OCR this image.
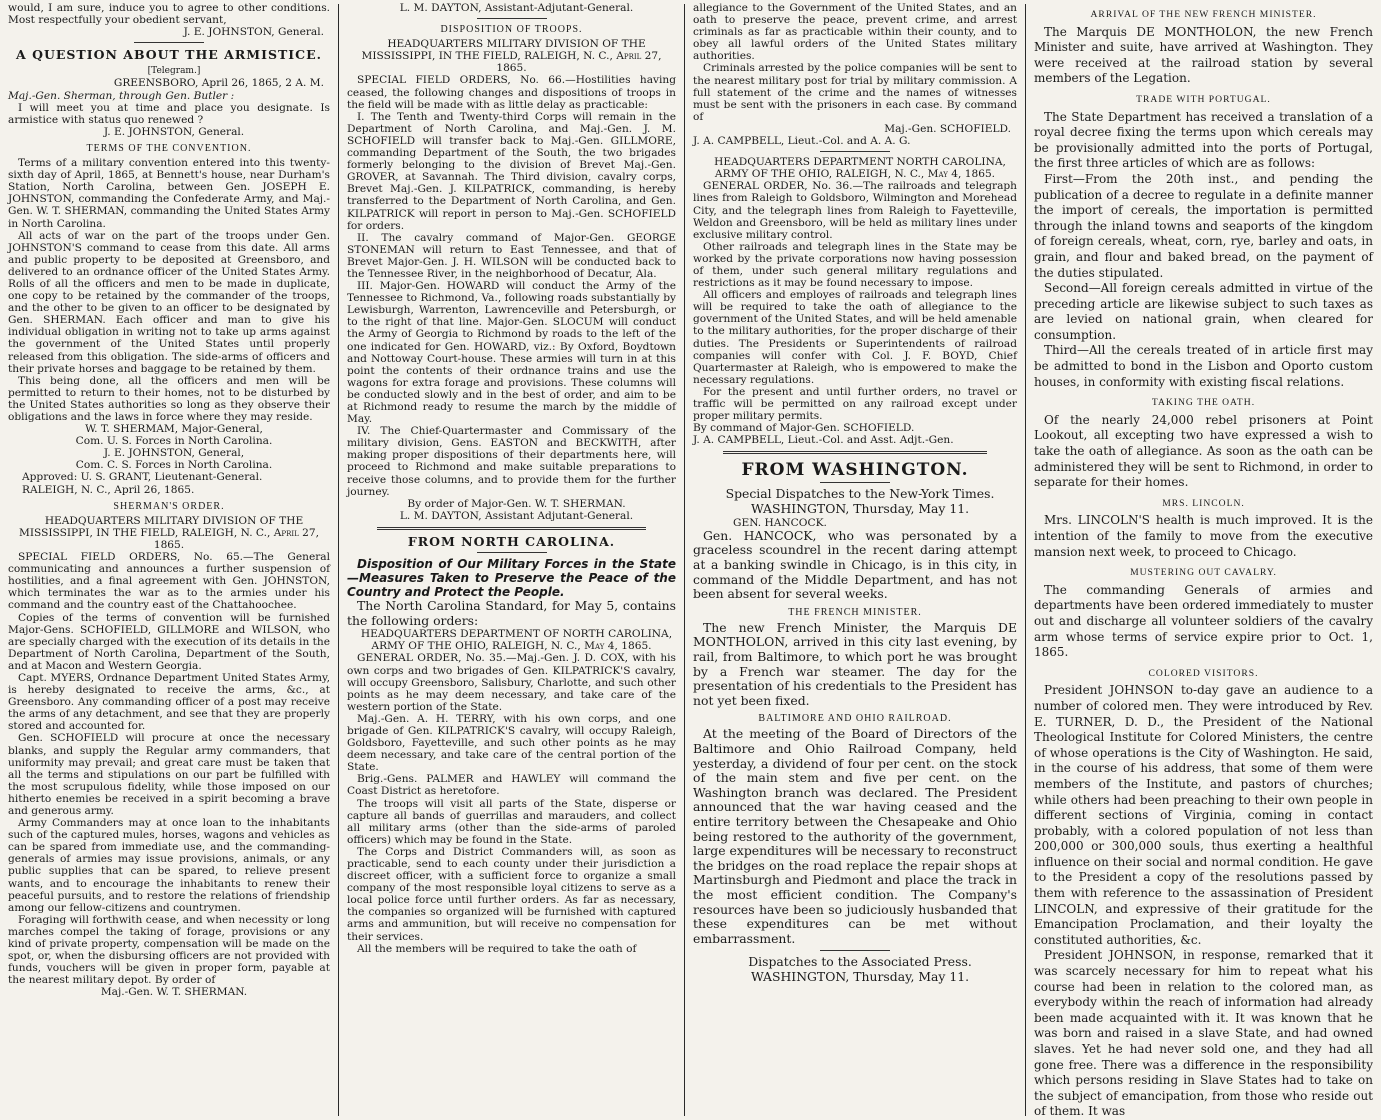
would, I am sure, induce you to agree to other conditions. Most respectfully your obedient servant,

J. E. JOHNSTON, General.

A QUESTION ABOUT THE ARMISTICE.

[Telegram.]

GREENSBORO, April 26, 1865, 2 A. M.

Maj.-Gen. Sherman, through Gen. Butler :

I will meet you at time and place you designate. Is armistice with status quo renewed ?

J. E. JOHNSTON, General.

TERMS OF THE CONVENTION.

Terms of a military convention entered into this twenty-sixth day of April, 1865, at Bennett's house, near Durham's Station, North Carolina, between Gen. JOSEPH E. JOHNSTON, commanding the Confederate Army, and Maj.-Gen. W. T. SHERMAN, commanding the United States Army in North Carolina.

All acts of war on the part of the troops under Gen. JOHNSTON'S command to cease from this date. All arms and public property to be deposited at Greensboro, and delivered to an ordnance officer of the United States Army. Rolls of all the officers and men to be made in duplicate, one copy to be retained by the commander of the troops, and the other to be given to an officer to be designated by Gen. SHERMAN. Each officer and man to give his individual obligation in writing not to take up arms against the government of the United States until properly released from this obligation. The side-arms of officers and their private horses and baggage to be retained by them.

This being done, all the officers and men will be permitted to return to their homes, not to be disturbed by the United States authorities so long as they observe their obligations and the laws in force where they may reside.

W. T. SHERMAM, Major-General,

Com. U. S. Forces in North Carolina.

J. E. JOHNSTON, General,

Com. C. S. Forces in North Carolina.

Approved: U. S. GRANT, Lieutenant-General.

RALEIGH, N. C., April 26, 1865.

SHERMAN'S ORDER.

HEADQUARTERS MILITARY DIVISION OF THE MISSISSIPPI, IN THE FIELD, RALEIGH, N. C., April 27, 1865.

SPECIAL FIELD ORDERS, No. 65.—The General communicating and announces a further suspension of hostilities, and a final agreement with Gen. JOHNSTON, which terminates the war as to the armies under his command and the country east of the Chattahoochee.

Copies of the terms of convention will be furnished Major-Gens. SCHOFIELD, GILLMORE and WILSON, who are specially charged with the execution of its details in the Department of North Carolina, Department of the South, and at Macon and Western Georgia.

Capt. MYERS, Ordnance Department United States Army, is hereby designated to receive the arms, &c., at Greensboro. Any commanding officer of a post may receive the arms of any detachment, and see that they are properly stored and accounted for.

Gen. SCHOFIELD will procure at once the necessary blanks, and supply the Regular army commanders, that uniformity may prevail; and great care must be taken that all the terms and stipulations on our part be fulfilled with the most scrupulous fidelity, while those imposed on our hitherto enemies be received in a spirit becoming a brave and generous army.

Army Commanders may at once loan to the inhabitants such of the captured mules, horses, wagons and vehicles as can be spared from immediate use, and the commanding-generals of armies may issue provisions, animals, or any public supplies that can be spared, to relieve present wants, and to encourage the inhabitants to renew their peaceful pursuits, and to restore the relations of friendship among our fellow-citizens and countrymen.

Foraging will forthwith cease, and when necessity or long marches compel the taking of forage, provisions or any kind of private property, compensation will be made on the spot, or, when the disbursing officers are not provided with funds, vouchers will be given in proper form, payable at the nearest military depot. By order of

Maj.-Gen. W. T. SHERMAN.

L. M. DAYTON, Assistant-Adjutant-General.

DISPOSITION OF TROOPS.

HEADQUARTERS MILITARY DIVISION OF THE MISSISSIPPI, IN THE FIELD, RALEIGH, N. C., April 27, 1865.

SPECIAL FIELD ORDERS, No. 66.—Hostilities having ceased, the following changes and dispositions of troops in the field will be made with as little delay as practicable:

I. The Tenth and Twenty-third Corps will remain in the Department of North Carolina, and Maj.-Gen. J. M. SCHOFIELD will transfer back to Maj.-Gen. GILLMORE, commanding Department of the South, the two brigades formerly belonging to the division of Brevet Maj.-Gen. GROVER, at Savannah. The Third division, cavalry corps, Brevet Maj.-Gen. J. KILPATRICK, commanding, is hereby transferred to the Department of North Carolina, and Gen. KILPATRICK will report in person to Maj.-Gen. SCHOFIELD for orders.

II. The cavalry command of Major-Gen. GEORGE STONEMAN will return to East Tennessee, and that of Brevet Major-Gen. J. H. WILSON will be conducted back to the Tennessee River, in the neighborhood of Decatur, Ala.

III. Major-Gen. HOWARD will conduct the Army of the Tennessee to Richmond, Va., following roads substantially by Lewisburgh, Warrenton, Lawrenceville and Petersburgh, or to the right of that line. Major-Gen. SLOCUM will conduct the Army of Georgia to Richmond by roads to the left of the one indicated for Gen. HOWARD, viz.: By Oxford, Boydtown and Nottoway Court-house. These armies will turn in at this point the contents of their ordnance trains and use the wagons for extra forage and provisions. These columns will be conducted slowly and in the best of order, and aim to be at Richmond ready to resume the march by the middle of May.

IV. The Chief-Quartermaster and Commissary of the military division, Gens. EASTON and BECKWITH, after making proper dispositions of their departments here, will proceed to Richmond and make suitable preparations to receive those columns, and to provide them for the further journey.

By order of Major-Gen. W. T. SHERMAN.

L. M. DAYTON, Assistant Adjutant-General.

FROM NORTH CAROLINA.

Disposition of Our Military Forces in the State—Measures Taken to Preserve the Peace of the Country and Protect the People.

The North Carolina Standard, for May 5, contains the following orders:

HEADQUARTERS DEPARTMENT OF NORTH CAROLINA, ARMY OF THE OHIO, RALEIGH, N. C., May 4, 1865.

GENERAL ORDER, No. 35.—Maj.-Gen. J. D. COX, with his own corps and two brigades of Gen. KILPATRICK'S cavalry, will occupy Greensboro, Salisbury, Charlotte, and such other points as he may deem necessary, and take care of the western portion of the State.

Maj.-Gen. A. H. TERRY, with his own corps, and one brigade of Gen. KILPATRICK'S cavalry, will occupy Raleigh, Goldsboro, Fayetteville, and such other points as he may deem necessary, and take care of the central portion of the State.

Brig.-Gens. PALMER and HAWLEY will command the Coast District as heretofore.

The troops will visit all parts of the State, disperse or capture all bands of guerrillas and marauders, and collect all military arms (other than the side-arms of paroled officers) which may be found in the State.

The Corps and District Commanders will, as soon as practicable, send to each county under their jurisdiction a discreet officer, with a sufficient force to organize a small company of the most responsible loyal citizens to serve as a local police force until further orders. As far as necessary, the companies so organized will be furnished with captured arms and ammunition, but will receive no compensation for their services.

All the members will be required to take the oath of

allegiance to the Government of the United States, and an oath to preserve the peace, prevent crime, and arrest criminals as far as practicable within their county, and to obey all lawful orders of the United States military authorities.

Criminals arrested by the police companies will be sent to the nearest military post for trial by military commission. A full statement of the crime and the names of witnesses must be sent with the prisoners in each case. By command of

Maj.-Gen. SCHOFIELD.

J. A. CAMPBELL, Lieut.-Col. and A. A. G.

HEADQUARTERS DEPARTMENT NORTH CAROLINA, ARMY OF THE OHIO, RALEIGH, N. C., May 4, 1865.

GENERAL ORDER, No. 36.—The railroads and telegraph lines from Raleigh to Goldsboro, Wilmington and Morehead City, and the telegraph lines from Raleigh to Fayetteville, Weldon and Greensboro, will be held as military lines under exclusive military control.

Other railroads and telegraph lines in the State may be worked by the private corporations now having possession of them, under such general military regulations and restrictions as it may be found necessary to impose.

All officers and employes of railroads and telegraph lines will be required to take the oath of allegiance to the government of the United States, and will be held amenable to the military authorities, for the proper discharge of their duties. The Presidents or Superintendents of railroad companies will confer with Col. J. F. BOYD, Chief Quartermaster at Raleigh, who is empowered to make the necessary regulations.

For the present and until further orders, no travel or traffic will be permitted on any railroad except under proper military permits.

By command of Major-Gen. SCHOFIELD.

J. A. CAMPBELL, Lieut.-Col. and Asst. Adjt.-Gen.

FROM WASHINGTON.

Special Dispatches to the New-York Times.

WASHINGTON, Thursday, May 11.

GEN. HANCOCK.

Gen. HANCOCK, who was personated by a graceless scoundrel in the recent daring attempt at a banking swindle in Chicago, is in this city, in command of the Middle Department, and has not been absent for several weeks.

THE FRENCH MINISTER.

The new French Minister, the Marquis DE MONTHOLON, arrived in this city last evening, by rail, from Baltimore, to which port he was brought by a French war steamer. The day for the presentation of his credentials to the President has not yet been fixed.

BALTIMORE AND OHIO RAILROAD.

At the meeting of the Board of Directors of the Baltimore and Ohio Railroad Company, held yesterday, a dividend of four per cent. on the stock of the main stem and five per cent. on the Washington branch was declared. The President announced that the war having ceased and the entire territory between the Chesapeake and Ohio being restored to the authority of the government, large expenditures will be necessary to reconstruct the bridges on the road replace the repair shops at Martinsburgh and Piedmont and place the track in the most efficient condition. The Company's resources have been so judiciously husbanded that these expenditures can be met without embarrassment.

Dispatches to the Associated Press.

WASHINGTON, Thursday, May 11.

ARRIVAL OF THE NEW FRENCH MINISTER.

The Marquis DE MONTHOLON, the new French Minister and suite, have arrived at Washington. They were received at the railroad station by several members of the Legation.

TRADE WITH PORTUGAL.

The State Department has received a translation of a royal decree fixing the terms upon which cereals may be provisionally admitted into the ports of Portugal, the first three articles of which are as follows:

First—From the 20th inst., and pending the publication of a decree to regulate in a definite manner the import of cereals, the importation is permitted through the inland towns and seaports of the kingdom of foreign cereals, wheat, corn, rye, barley and oats, in grain, and flour and baked bread, on the payment of the duties stipulated.

Second—All foreign cereals admitted in virtue of the preceding article are likewise subject to such taxes as are levied on national grain, when cleared for consumption.

Third—All the cereals treated of in article first may be admitted to bond in the Lisbon and Oporto custom houses, in conformity with existing fiscal relations.

TAKING THE OATH.

Of the nearly 24,000 rebel prisoners at Point Lookout, all excepting two have expressed a wish to take the oath of allegiance. As soon as the oath can be administered they will be sent to Richmond, in order to separate for their homes.

MRS. LINCOLN.

Mrs. LINCOLN'S health is much improved. It is the intention of the family to move from the executive mansion next week, to proceed to Chicago.

MUSTERING OUT CAVALRY.

The commanding Generals of armies and departments have been ordered immediately to muster out and discharge all volunteer soldiers of the cavalry arm whose terms of service expire prior to Oct. 1, 1865.

COLORED VISITORS.

President JOHNSON to-day gave an audience to a number of colored men. They were introduced by Rev. E. TURNER, D. D., the President of the National Theological Institute for Colored Ministers, the centre of whose operations is the City of Washington. He said, in the course of his address, that some of them were members of the Institute, and pastors of churches; while others had been preaching to their own people in different sections of Virginia, coming in contact probably, with a colored population of not less than 200,000 or 300,000 souls, thus exerting a healthful influence on their social and normal condition. He gave to the President a copy of the resolutions passed by them with reference to the assassination of President LINCOLN, and expressive of their gratitude for the Emancipation Proclamation, and their loyalty the constituted authorities, &c.

President JOHNSON, in response, remarked that it was scarcely necessary for him to repeat what his course had been in relation to the colored man, as everybody within the reach of information had already been made acquainted with it. It was known that he was born and raised in a slave State, and had owned slaves. Yet he had never sold one, and they had all gone free. There was a difference in the responsibility which persons residing in Slave States had to take on the subject of emancipation, from those who reside out of them. It was
